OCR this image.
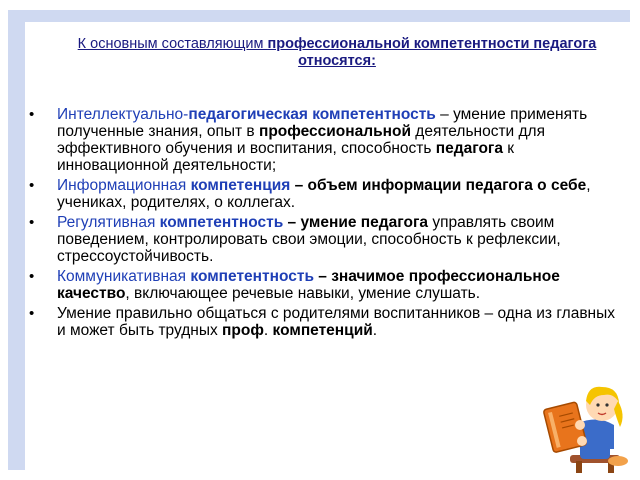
К основным составляющим профессиональной компетентности педагога относятся:
• Интеллектуально-педагогическая компетентность – умение применять полученные знания, опыт в профессиональной деятельности для эффективного обучения и воспитания, способность педагога к инновационной деятельности;
• Информационная компетенция – объем информации педагога о себе, учениках, родителях, о коллегах.
• Регулятивная компетентность – умение педагога управлять своим поведением, контролировать свои эмоции, способность к рефлексии, стрессоустойчивость.
• Коммуникативная компетентность – значимое профессиональное качество, включающее речевые навыки, умение слушать.
• Умение правильно общаться с родителями воспитанников – одна из главных и может быть трудных проф. компетенций.
